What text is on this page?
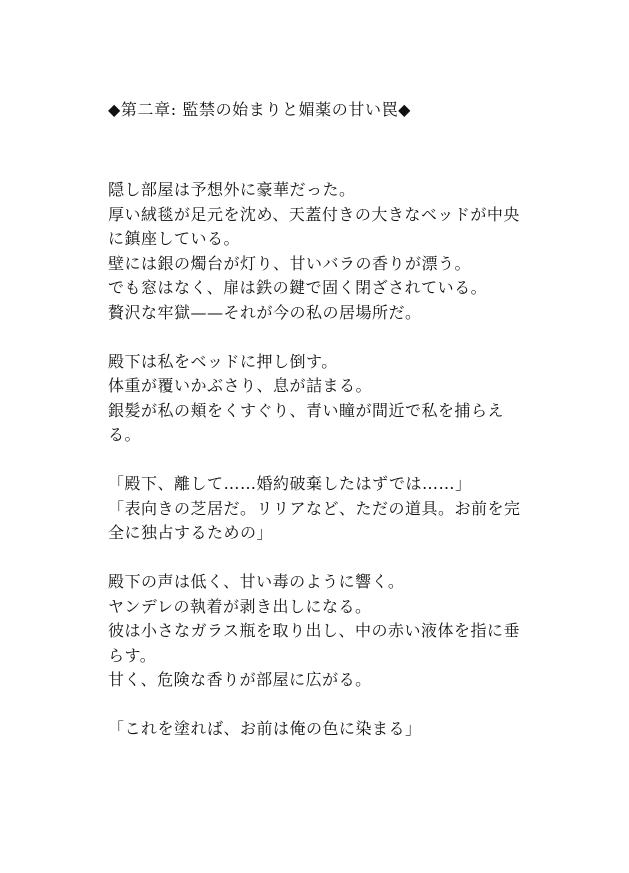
◆第二章: 監禁の始まりと媚薬の甘い罠◆
隠し部屋は予想外に豪華だった。
厚い絨毯が足元を沈め、天蓋付きの大きなベッドが中央
に鎮座している。
壁には銀の燭台が灯り、甘いバラの香りが漂う。
でも窓はなく、扉は鉄の鍵で固く閉ざされている。
贅沢な牢獄——それが今の私の居場所だ。
殿下は私をベッドに押し倒す。
体重が覆いかぶさり、息が詰まる。
銀髪が私の頬をくすぐり、青い瞳が間近で私を捕らえ
る。
「殿下、離して……婚約破棄したはずでは……」
「表向きの芝居だ。リリアなど、ただの道具。お前を完
全に独占するための」
殿下の声は低く、甘い毒のように響く。
ヤンデレの執着が剥き出しになる。
彼は小さなガラス瓶を取り出し、中の赤い液体を指に垂
らす。
甘く、危険な香りが部屋に広がる。
「これを塗れば、お前は俺の色に染まる」
